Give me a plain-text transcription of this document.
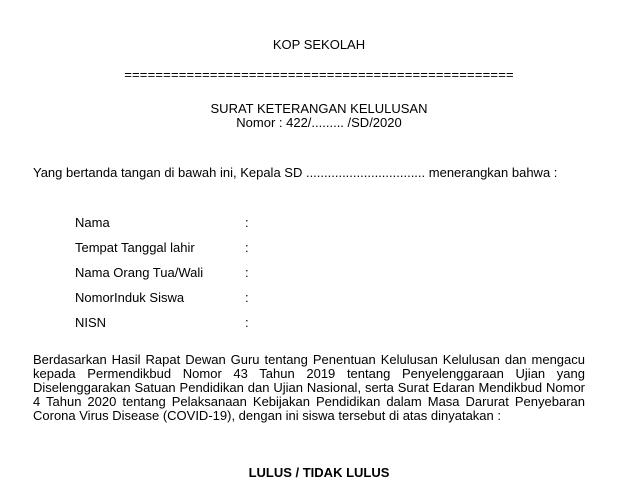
KOP SEKOLAH
==================================================
SURAT KETERANGAN KELULUSAN
Nomor : 422/......... /SD/2020
Yang bertanda tangan di bawah ini, Kepala SD ................................. menerangkan bahwa :
Nama	:
Tempat Tanggal lahir	:
Nama Orang Tua/Wali	:
NomorInduk Siswa	:
NISN	:
Berdasarkan Hasil Rapat Dewan Guru tentang Penentuan Kelulusan Kelulusan dan mengacu kepada Permendikbud Nomor 43 Tahun 2019 tentang Penyelenggaraan Ujian yang Diselenggarakan Satuan Pendidikan dan Ujian Nasional, serta Surat Edaran Mendikbud Nomor 4 Tahun 2020 tentang Pelaksanaan Kebijakan Pendidikan dalam Masa Darurat Penyebaran Corona Virus Disease (COVID-19), dengan ini siswa tersebut di atas dinyatakan :
LULUS / TIDAK LULUS
